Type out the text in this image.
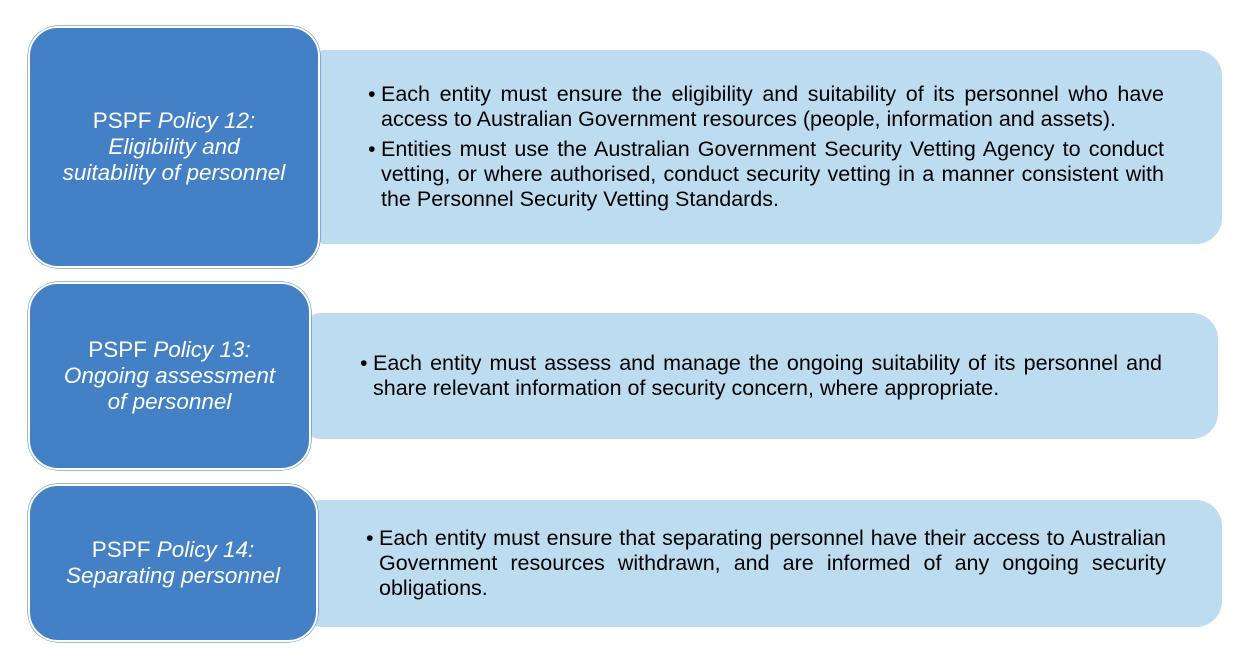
• Each entity must ensure the eligibility and suitability of its personnel who have access to Australian Government resources (people, information and assets).
• Entities must use the Australian Government Security Vetting Agency to conduct vetting, or where authorised, conduct security vetting in a manner consistent with the Personnel Security Vetting Standards.
PSPF Policy 12:
Eligibility and
suitability of personnel
• Each entity must assess and manage the ongoing suitability of its personnel and share relevant information of security concern, where appropriate.
PSPF Policy 13:
Ongoing assessment
of personnel
• Each entity must ensure that separating personnel have their access to Australian Government resources withdrawn, and are informed of any ongoing security obligations.
PSPF Policy 14:
Separating personnel
